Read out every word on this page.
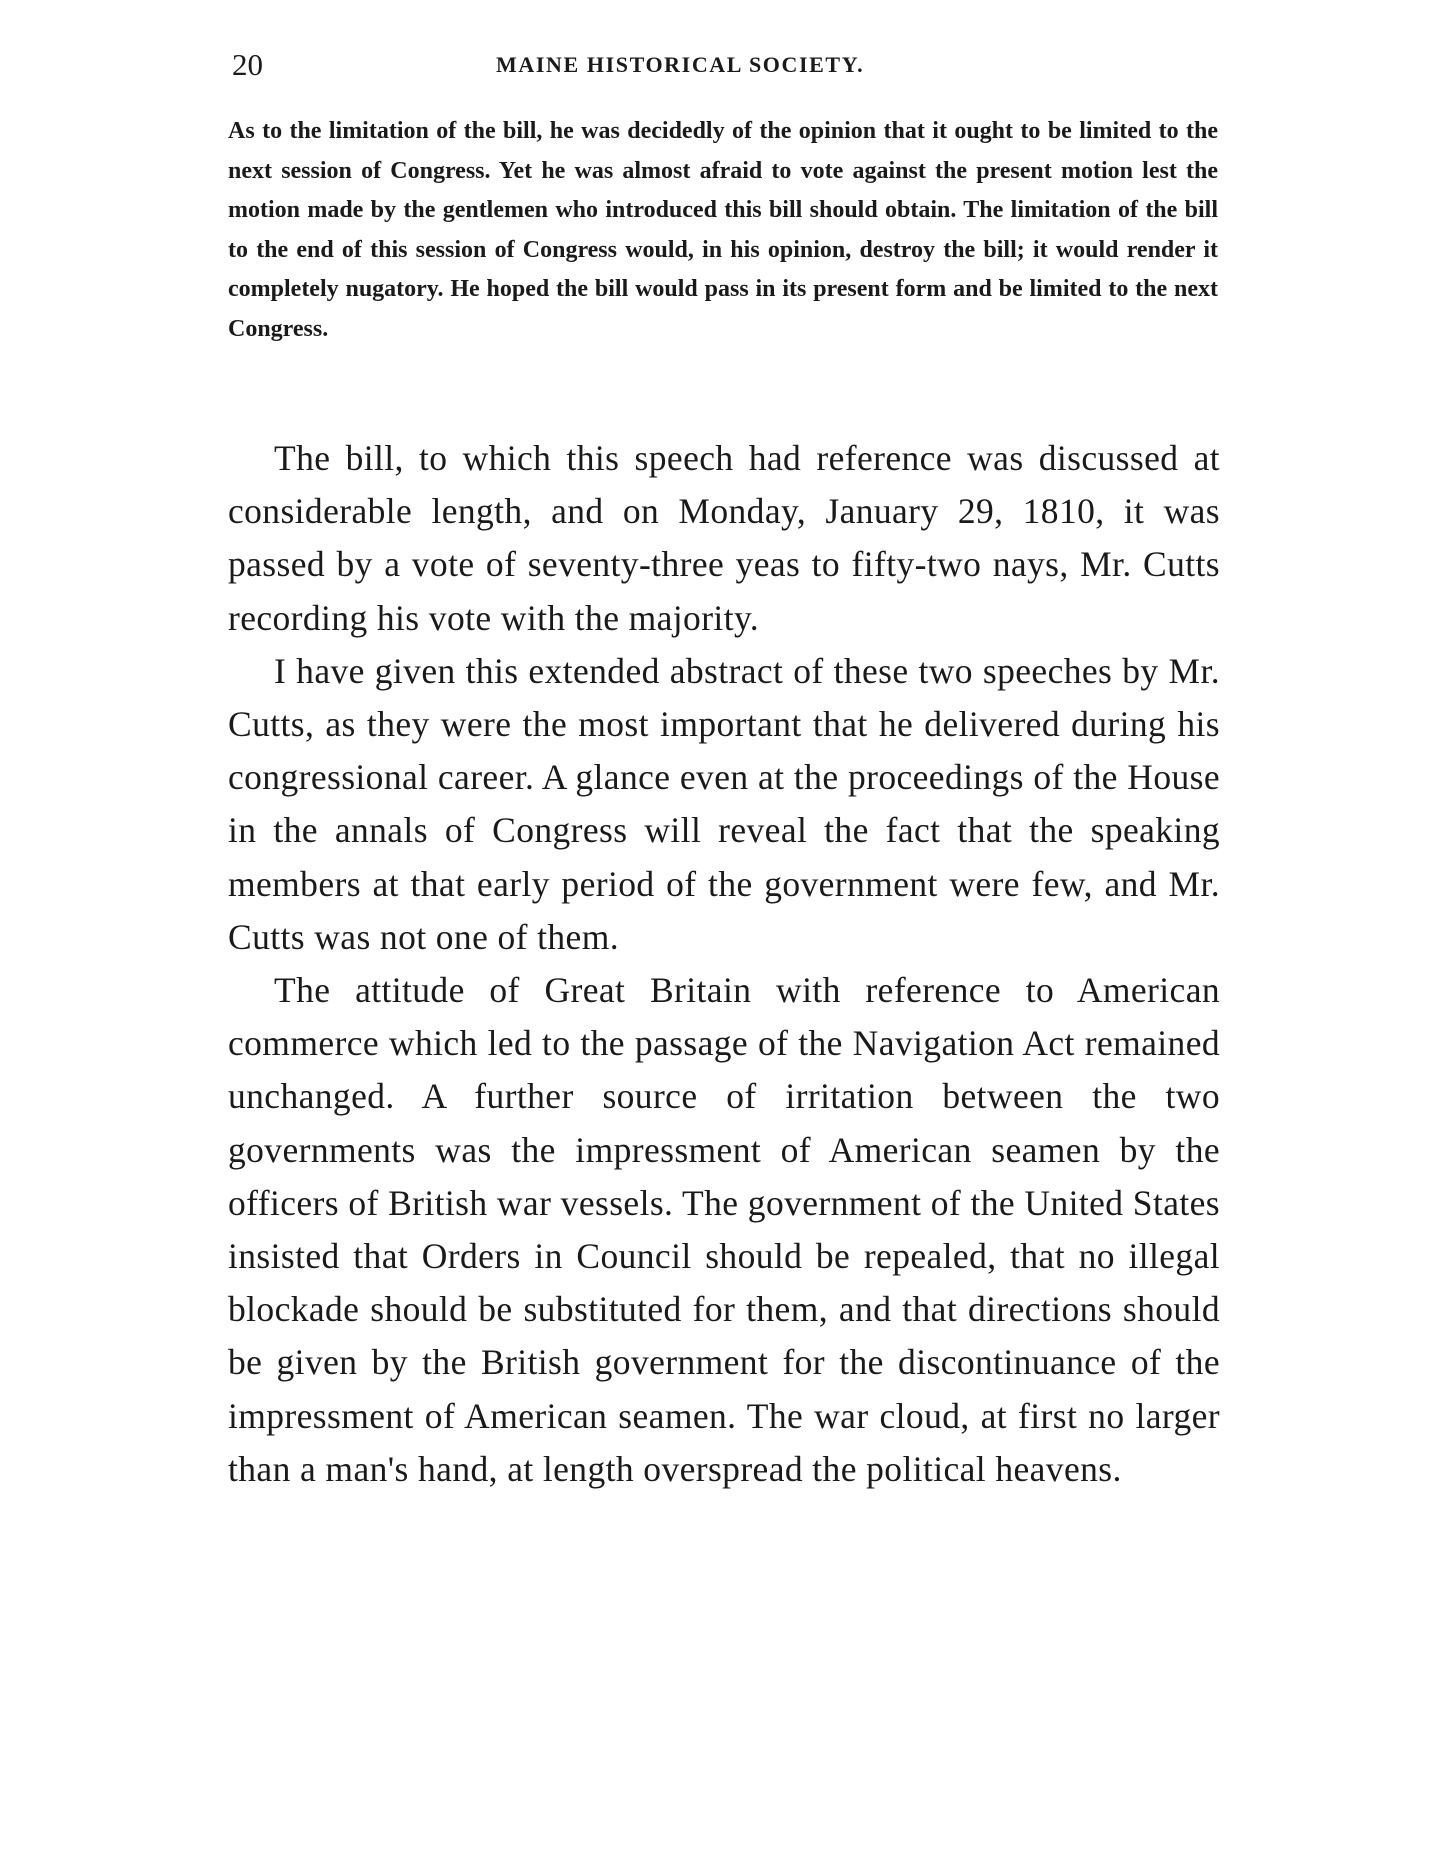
20	MAINE HISTORICAL SOCIETY.

As to the limitation of the bill, he was decidedly of the opinion that it ought to be limited to the next session of Congress. Yet he was almost afraid to vote against the present motion lest the motion made by the gentlemen who introduced this bill should obtain. The limitation of the bill to the end of this session of Congress would, in his opinion, destroy the bill; it would render it completely nugatory. He hoped the bill would pass in its present form and be limited to the next Congress.

The bill, to which this speech had reference was discussed at considerable length, and on Monday, January 29, 1810, it was passed by a vote of seventy-three yeas to fifty-two nays, Mr. Cutts recording his vote with the majority.

I have given this extended abstract of these two speeches by Mr. Cutts, as they were the most important that he delivered during his congressional career. A glance even at the proceedings of the House in the annals of Congress will reveal the fact that the speaking members at that early period of the government were few, and Mr. Cutts was not one of them.

The attitude of Great Britain with reference to American commerce which led to the passage of the Navigation Act remained unchanged. A further source of irritation between the two governments was the impressment of American seamen by the officers of British war vessels. The government of the United States insisted that Orders in Council should be repealed, that no illegal blockade should be substituted for them, and that directions should be given by the British government for the discontinuance of the impressment of American seamen. The war cloud, at first no larger than a man's hand, at length overspread the political heavens.
